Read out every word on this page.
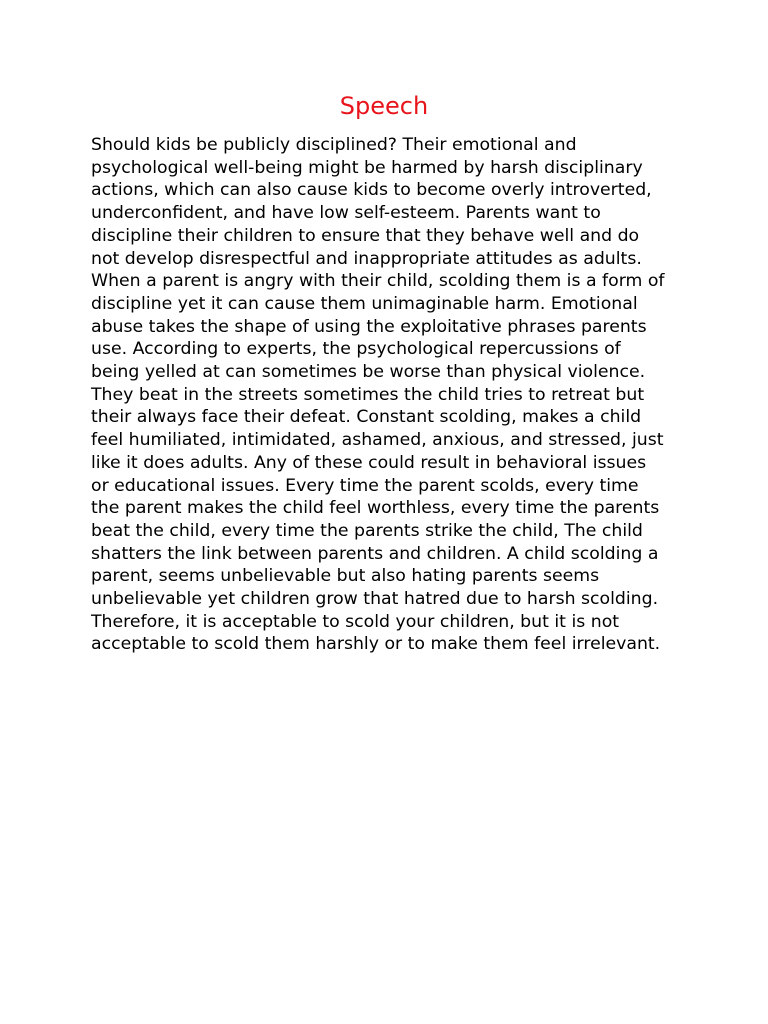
Speech
Should kids be publicly disciplined? Their emotional and
psychological well-being might be harmed by harsh disciplinary
actions, which can also cause kids to become overly introverted,
underconfident, and have low self-esteem. Parents want to
discipline their children to ensure that they behave well and do
not develop disrespectful and inappropriate attitudes as adults.
When a parent is angry with their child, scolding them is a form of
discipline yet it can cause them unimaginable harm. Emotional
abuse takes the shape of using the exploitative phrases parents
use. According to experts, the psychological repercussions of
being yelled at can sometimes be worse than physical violence.
They beat in the streets sometimes the child tries to retreat but
their always face their defeat. Constant scolding, makes a child
feel humiliated, intimidated, ashamed, anxious, and stressed, just
like it does adults. Any of these could result in behavioral issues
or educational issues. Every time the parent scolds, every time
the parent makes the child feel worthless, every time the parents
beat the child, every time the parents strike the child, The child
shatters the link between parents and children. A child scolding a
parent, seems unbelievable but also hating parents seems
unbelievable yet children grow that hatred due to harsh scolding.
Therefore, it is acceptable to scold your children, but it is not
acceptable to scold them harshly or to make them feel irrelevant.
